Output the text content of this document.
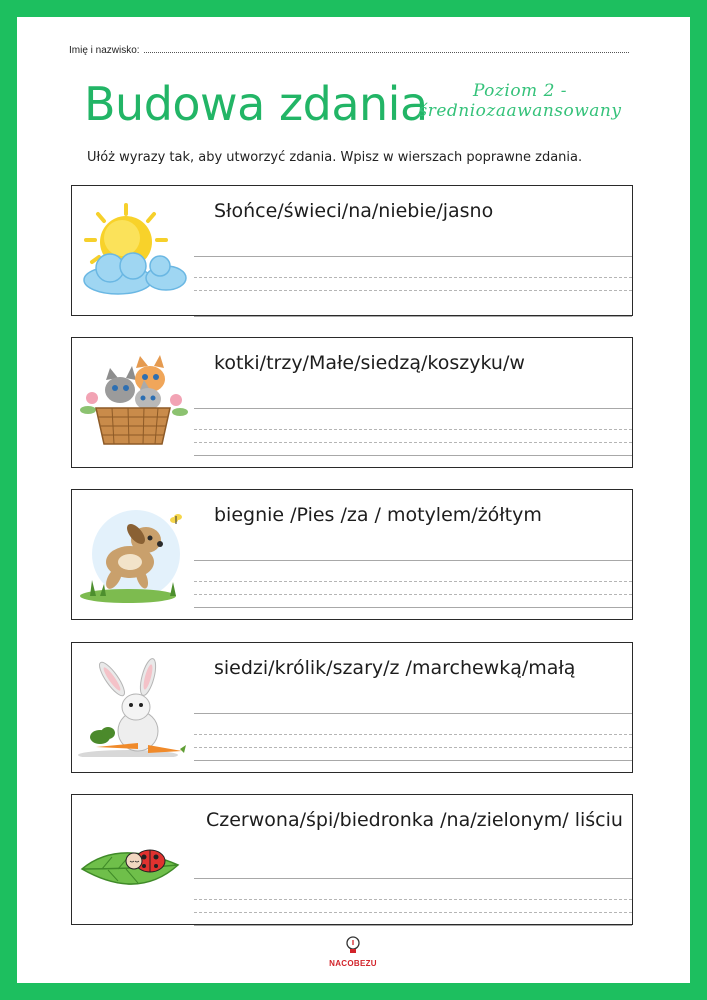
Imię i nazwisko:
Budowa zdania	Poziom 2 - średniozaawansowany
Ułóż wyrazy tak, aby utworzyć zdania. Wpisz w wierszach poprawne zdania.
Słońce/świeci/na/niebie/jasno
kotki/trzy/Małe/siedzą/koszyku/w
biegnie /Pies /za / motylem/żółtym
siedzi/królik/szary/z /marchewką/małą
Czerwona/śpi/biedronka /na/zielonym/ liściu
NACOBEZU
